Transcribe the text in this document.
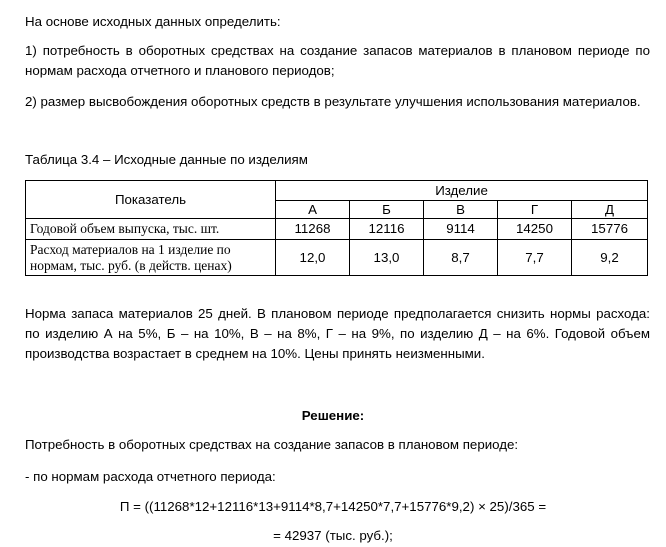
На основе исходных данных определить:

1) потребность в оборотных средствах на создание запасов материалов в плановом периоде по нормам расхода отчетного и планового периодов;

2) размер высвобождения оборотных средств в результате улучшения использования материалов.

Таблица 3.4 – Исходные данные по изделиям

Показатель	Изделие				
	А	Б	В	Г	Д
Годовой объем выпуска, тыс. шт.	11268	12116	9114	14250	15776
Расход материалов на 1 изделие по нормам, тыс. руб. (в действ. ценах)	12,0	13,0	8,7	7,7	9,2

Норма запаса материалов 25 дней. В плановом периоде предполагается снизить нормы расхода: по изделию А на 5%, Б – на 10%, В – на 8%, Г – на 9%, по изделию Д – на 6%. Годовой объем производства возрастает в среднем на 10%. Цены принять неизменными.

Решение:

Потребность в оборотных средствах на создание запасов в плановом периоде:

- по нормам расхода отчетного периода:

П = ((11268*12+12116*13+9114*8,7+14250*7,7+15776*9,2) × 25)/365 =

= 42937 (тыс. руб.);
